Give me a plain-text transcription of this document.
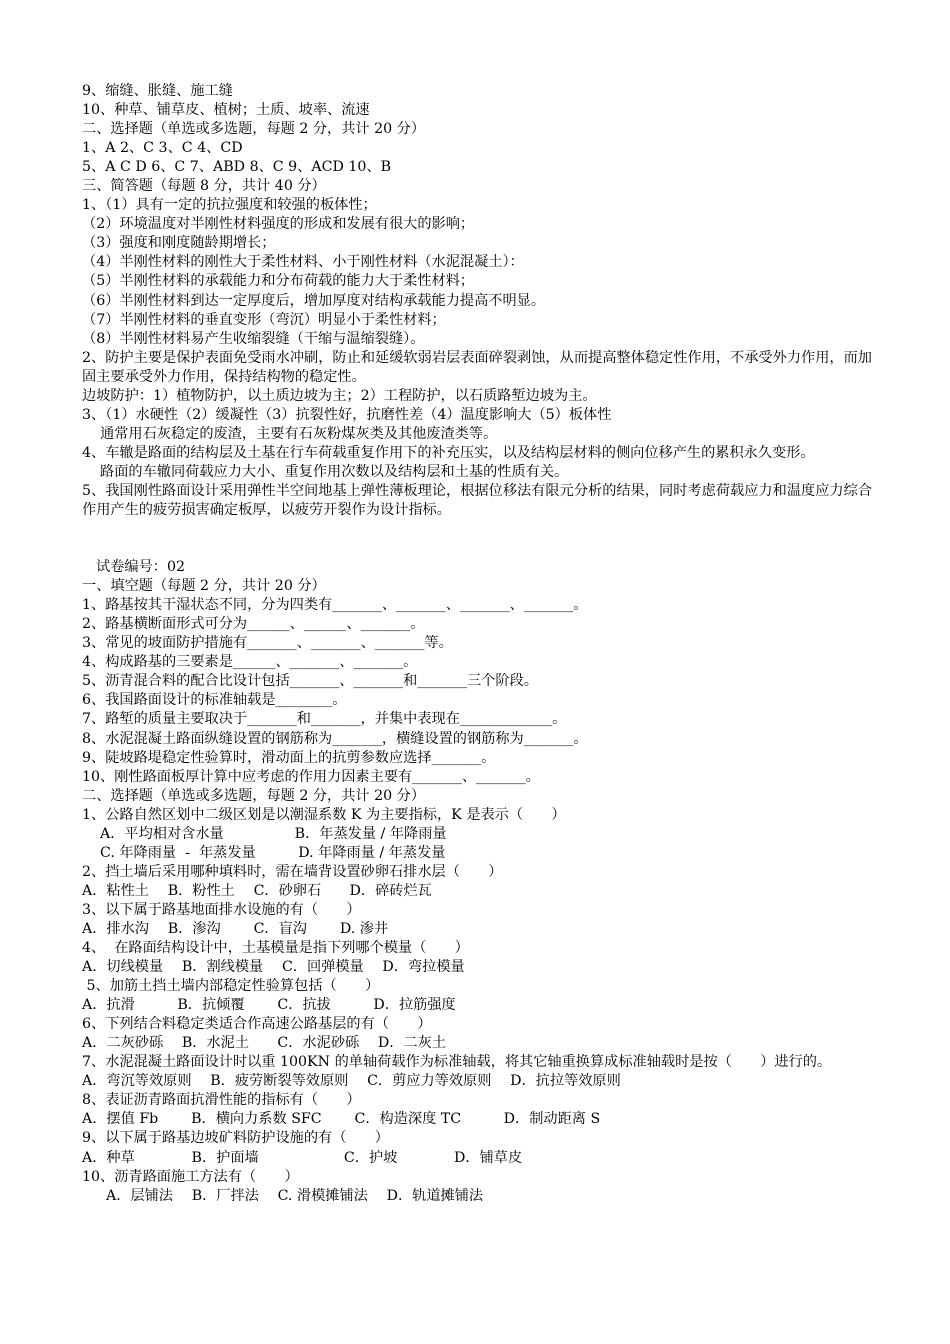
9、缩缝、胀缝、施工缝
10、种草、铺草皮、植树；土质、坡率、流速
二、选择题（单选或多选题，每题 2 分，共计 20 分）
1、A 2、C 3、C 4、CD
5、A C D 6、C 7、ABD 8、C 9、ACD 10、B
三、简答题（每题 8 分，共计 40 分）
1、（1）具有一定的抗拉强度和较强的板体性；
（2）环境温度对半刚性材料强度的形成和发展有很大的影响；
（3）强度和刚度随龄期增长；
（4）半刚性材料的刚性大于柔性材料、小于刚性材料（水泥混凝土）：
（5）半刚性材料的承载能力和分布荷载的能力大于柔性材料；
（6）半刚性材料到达一定厚度后，增加厚度对结构承载能力提高不明显。
（7）半刚性材料的垂直变形（弯沉）明显小于柔性材料；
（8）半刚性材料易产生收缩裂缝（干缩与温缩裂缝）。
2、防护主要是保护表面免受雨水冲刷，防止和延缓软弱岩层表面碎裂剥蚀，从而提高整体稳定性作用，不承受外力作用，而加固主要承受外力作用，保持结构物的稳定性。
边坡防护：1）植物防护，以土质边坡为主；2）工程防护，以石质路堑边坡为主。
3、（1）水硬性（2）缓凝性（3）抗裂性好，抗磨性差（4）温度影响大（5）板体性
通常用石灰稳定的废渣，主要有石灰粉煤灰类及其他废渣类等。
4、车辙是路面的结构层及土基在行车荷载重复作用下的补充压实，以及结构层材料的侧向位移产生的累积永久变形。
路面的车辙同荷载应力大小、重复作用次数以及结构层和土基的性质有关。
5、我国刚性路面设计采用弹性半空间地基上弹性薄板理论，根据位移法有限元分析的结果，同时考虑荷载应力和温度应力综合作用产生的疲劳损害确定板厚，以疲劳开裂作为设计指标。
试卷编号：02
一、填空题（每题 2 分，共计 20 分）
1、路基按其干湿状态不同，分为四类有_______、_______、_______、_______。
2、路基横断面形式可分为______、______、_______。
3、常见的坡面防护措施有_______、_______、_______等。
4、构成路基的三要素是______、_______、_______。
5、沥青混合料的配合比设计包括_______、_______和_______三个阶段。
6、我国路面设计的标准轴载是________。
7、路堑的质量主要取决于_______和_______，并集中表现在_____________。
8、水泥混凝土路面纵缝设置的钢筋称为_______，横缝设置的钢筋称为_______。
9、陡坡路堤稳定性验算时，滑动面上的抗剪参数应选择_______。
10、刚性路面板厚计算中应考虑的作用力因素主要有_______、_______。
二、选择题（单选或多选题，每题 2 分，共计 20 分）
1、公路自然区划中二级区划是以潮湿系数 K 为主要指标，K 是表示（　　）
A．平均相对含水量　　　　　B．年蒸发量 / 年降雨量
C. 年降雨量  -  年蒸发量　　　D. 年降雨量 / 年蒸发量
2、挡土墙后采用哪种填料时，需在墙背设置砂卵石排水层（　　）
A．粘性土　 B．粉性土　 C．砂卵石　　D．碎砖烂瓦
3、以下属于路基地面排水设施的有（　　）
A．排水沟　 B．渗沟　　 C．盲沟　　 D. 渗井
4、  在路面结构设计中，土基模量是指下列哪个模量（　　）
A．切线模量　 B．割线模量　 C．回弹模量　 D．弯拉模量
5、加筋土挡土墙内部稳定性验算包括（　　）
A．抗滑　　　B．抗倾覆　　 C．抗拔　　　D．拉筋强度
6、下列结合料稳定类适合作高速公路基层的有（　　）
A．二灰砂砾　 B．水泥土　　C．水泥砂砾　 D．二灰土
7、水泥混凝土路面设计时以重 100KN 的单轴荷载作为标准轴载，将其它轴重换算成标准轴载时是按（　　）进行的。
A．弯沉等效原则　 B．疲劳断裂等效原则　 C．剪应力等效原则　 D．抗拉等效原则
8、表证沥青路面抗滑性能的指标有（　　）
A．摆值 Fb　　 B．横向力系数 SFC　　 C．构造深度 TC　　　D．制动距离 S
9、以下属于路基边坡矿料防护设施的有（　　）
A．种草　　　　B．护面墙　　　　　　C．护坡　　　　D．铺草皮
10、沥青路面施工方法有（　　）
A．层铺法　 B．厂拌法　 C. 滑模摊铺法　 D．轨道摊铺法
